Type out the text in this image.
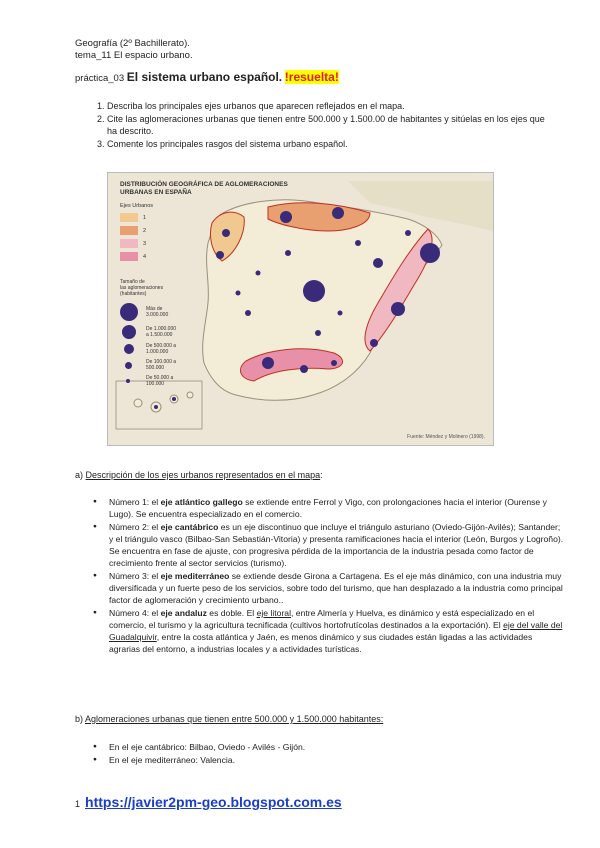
Geografía (2º Bachillerato).
tema_11 El espacio urbano.
práctica_03 El sistema urbano español. !resuelta!
1. Describa los principales ejes urbanos que aparecen reflejados en el mapa.
2. Cite las aglomeraciones urbanas que tienen entre 500.000 y 1.500.00 de habitantes y sitúelas en los ejes que ha descrito.
3. Comente los principales rasgos del sistema urbano español.
DISTRIBUCIÓN GEOGRÁFICA DE AGLOMERACIONES
URBANAS EN ESPAÑA
Ejes Urbanos
1
2
3
4
Tamaño de
las aglomeraciones
(habitantes)
Más de 3.000.000
De 1.000.000 a 1.500.000
De 500.000 a 1.000.000
De 100.000 a 500.000
De 50.000 a 100.000
Fuente: Méndez y Molinero (1998).
a) Descripción de los ejes urbanos representados en el mapa:
● Número 1: el eje atlántico gallego se extiende entre Ferrol y Vigo, con prolongaciones hacia el interior (Ourense y Lugo). Se encuentra especializado en el comercio.
● Número 2: el eje cantábrico es un eje discontinuo que incluye el triángulo asturiano (Oviedo-Gijón-Avilés); Santander; y el triángulo vasco (Bilbao-San Sebastián-Vitoria) y presenta ramificaciones hacia el interior (León, Burgos y Logroño). Se encuentra en fase de ajuste, con progresiva pérdida de la importancia de la industria pesada como factor de crecimiento frente al sector servicios (turismo).
● Número 3: el eje mediterráneo se extiende desde Girona a Cartagena. Es el eje más dinámico, con una industria muy diversificada y un fuerte peso de los servicios, sobre todo del turismo, que han desplazado a la industria como principal factor de aglomeración y crecimiento urbano..
● Número 4: el eje andaluz es doble. El eje litoral, entre Almería y Huelva, es dinámico y está especializado en el comercio, el turismo y la agricultura tecnificada (cultivos hortofrutícolas destinados a la exportación). El eje del valle del Guadalquivir, entre la costa atlántica y Jaén, es menos dinámico y sus ciudades están ligadas a las actividades agrarias del entorno, a industrias locales y a actividades turísticas.
b) Aglomeraciones urbanas que tienen entre 500.000 y 1.500.000 habitantes:
● En el eje cantábrico: Bilbao, Oviedo - Avilés - Gijón.
● En el eje mediterráneo: Valencia.
1 https://javier2pm-geo.blogspot.com.es
